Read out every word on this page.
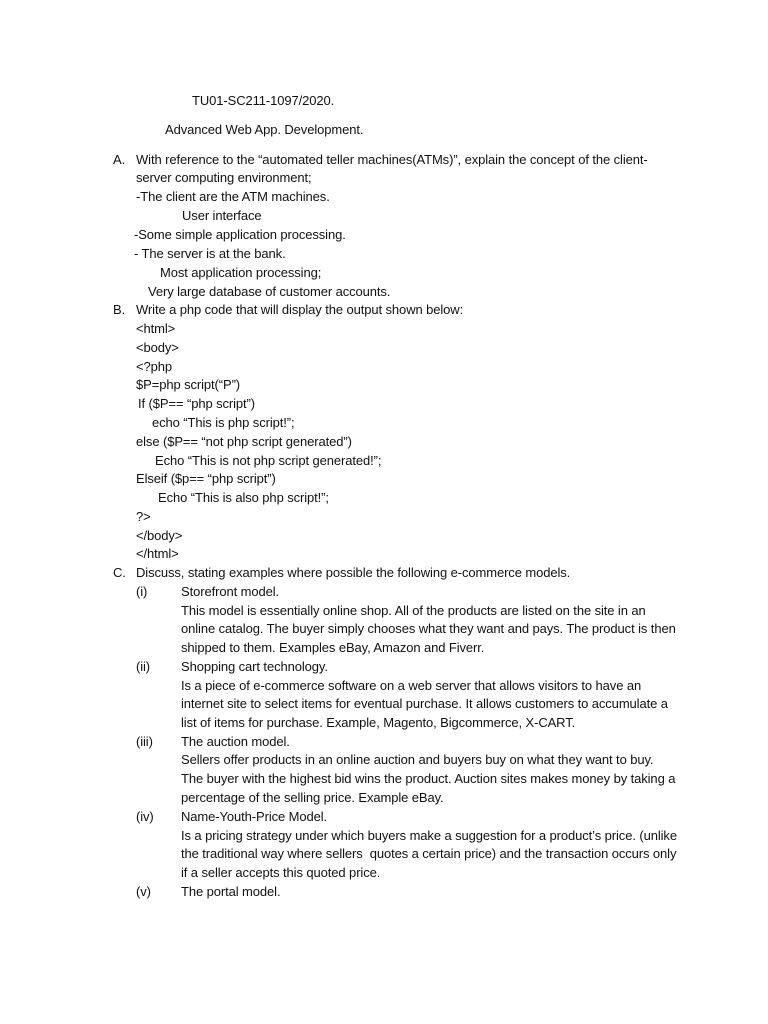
TU01-SC211-1097/2020.
Advanced Web App. Development.
A. With reference to the “automated teller machines(ATMs)”, explain the concept of the client-
server computing environment;
-The client are the ATM machines.
User interface
-Some simple application processing.
- The server is at the bank.
Most application processing;
Very large database of customer accounts.
B. Write a php code that will display the output shown below:
<html>
<body>
<?php
$P=php script(“P”)
If ($P== “php script”)
echo “This is php script!”;
else ($P== “not php script generated”)
Echo “This is not php script generated!”;
Elseif ($p== “php script”)
Echo “This is also php script!”;
?>
</body>
</html>
C. Discuss, stating examples where possible the following e-commerce models.
(i)	Storefront model.
This model is essentially online shop. All of the products are listed on the site in an
online catalog. The buyer simply chooses what they want and pays. The product is then
shipped to them. Examples eBay, Amazon and Fiverr.
(ii) Shopping cart technology.
Is a piece of e-commerce software on a web server that allows visitors to have an
internet site to select items for eventual purchase. It allows customers to accumulate a
list of items for purchase. Example, Magento, Bigcommerce, X-CART.
(iii) The auction model.
Sellers offer products in an online auction and buyers buy on what they want to buy.
The buyer with the highest bid wins the product. Auction sites makes money by taking a
percentage of the selling price. Example eBay.
(iv) Name-Youth-Price Model.
Is a pricing strategy under which buyers make a suggestion for a product’s price. (unlike
the traditional way where sellers  quotes a certain price) and the transaction occurs only
if a seller accepts this quoted price.
(v) The portal model.
